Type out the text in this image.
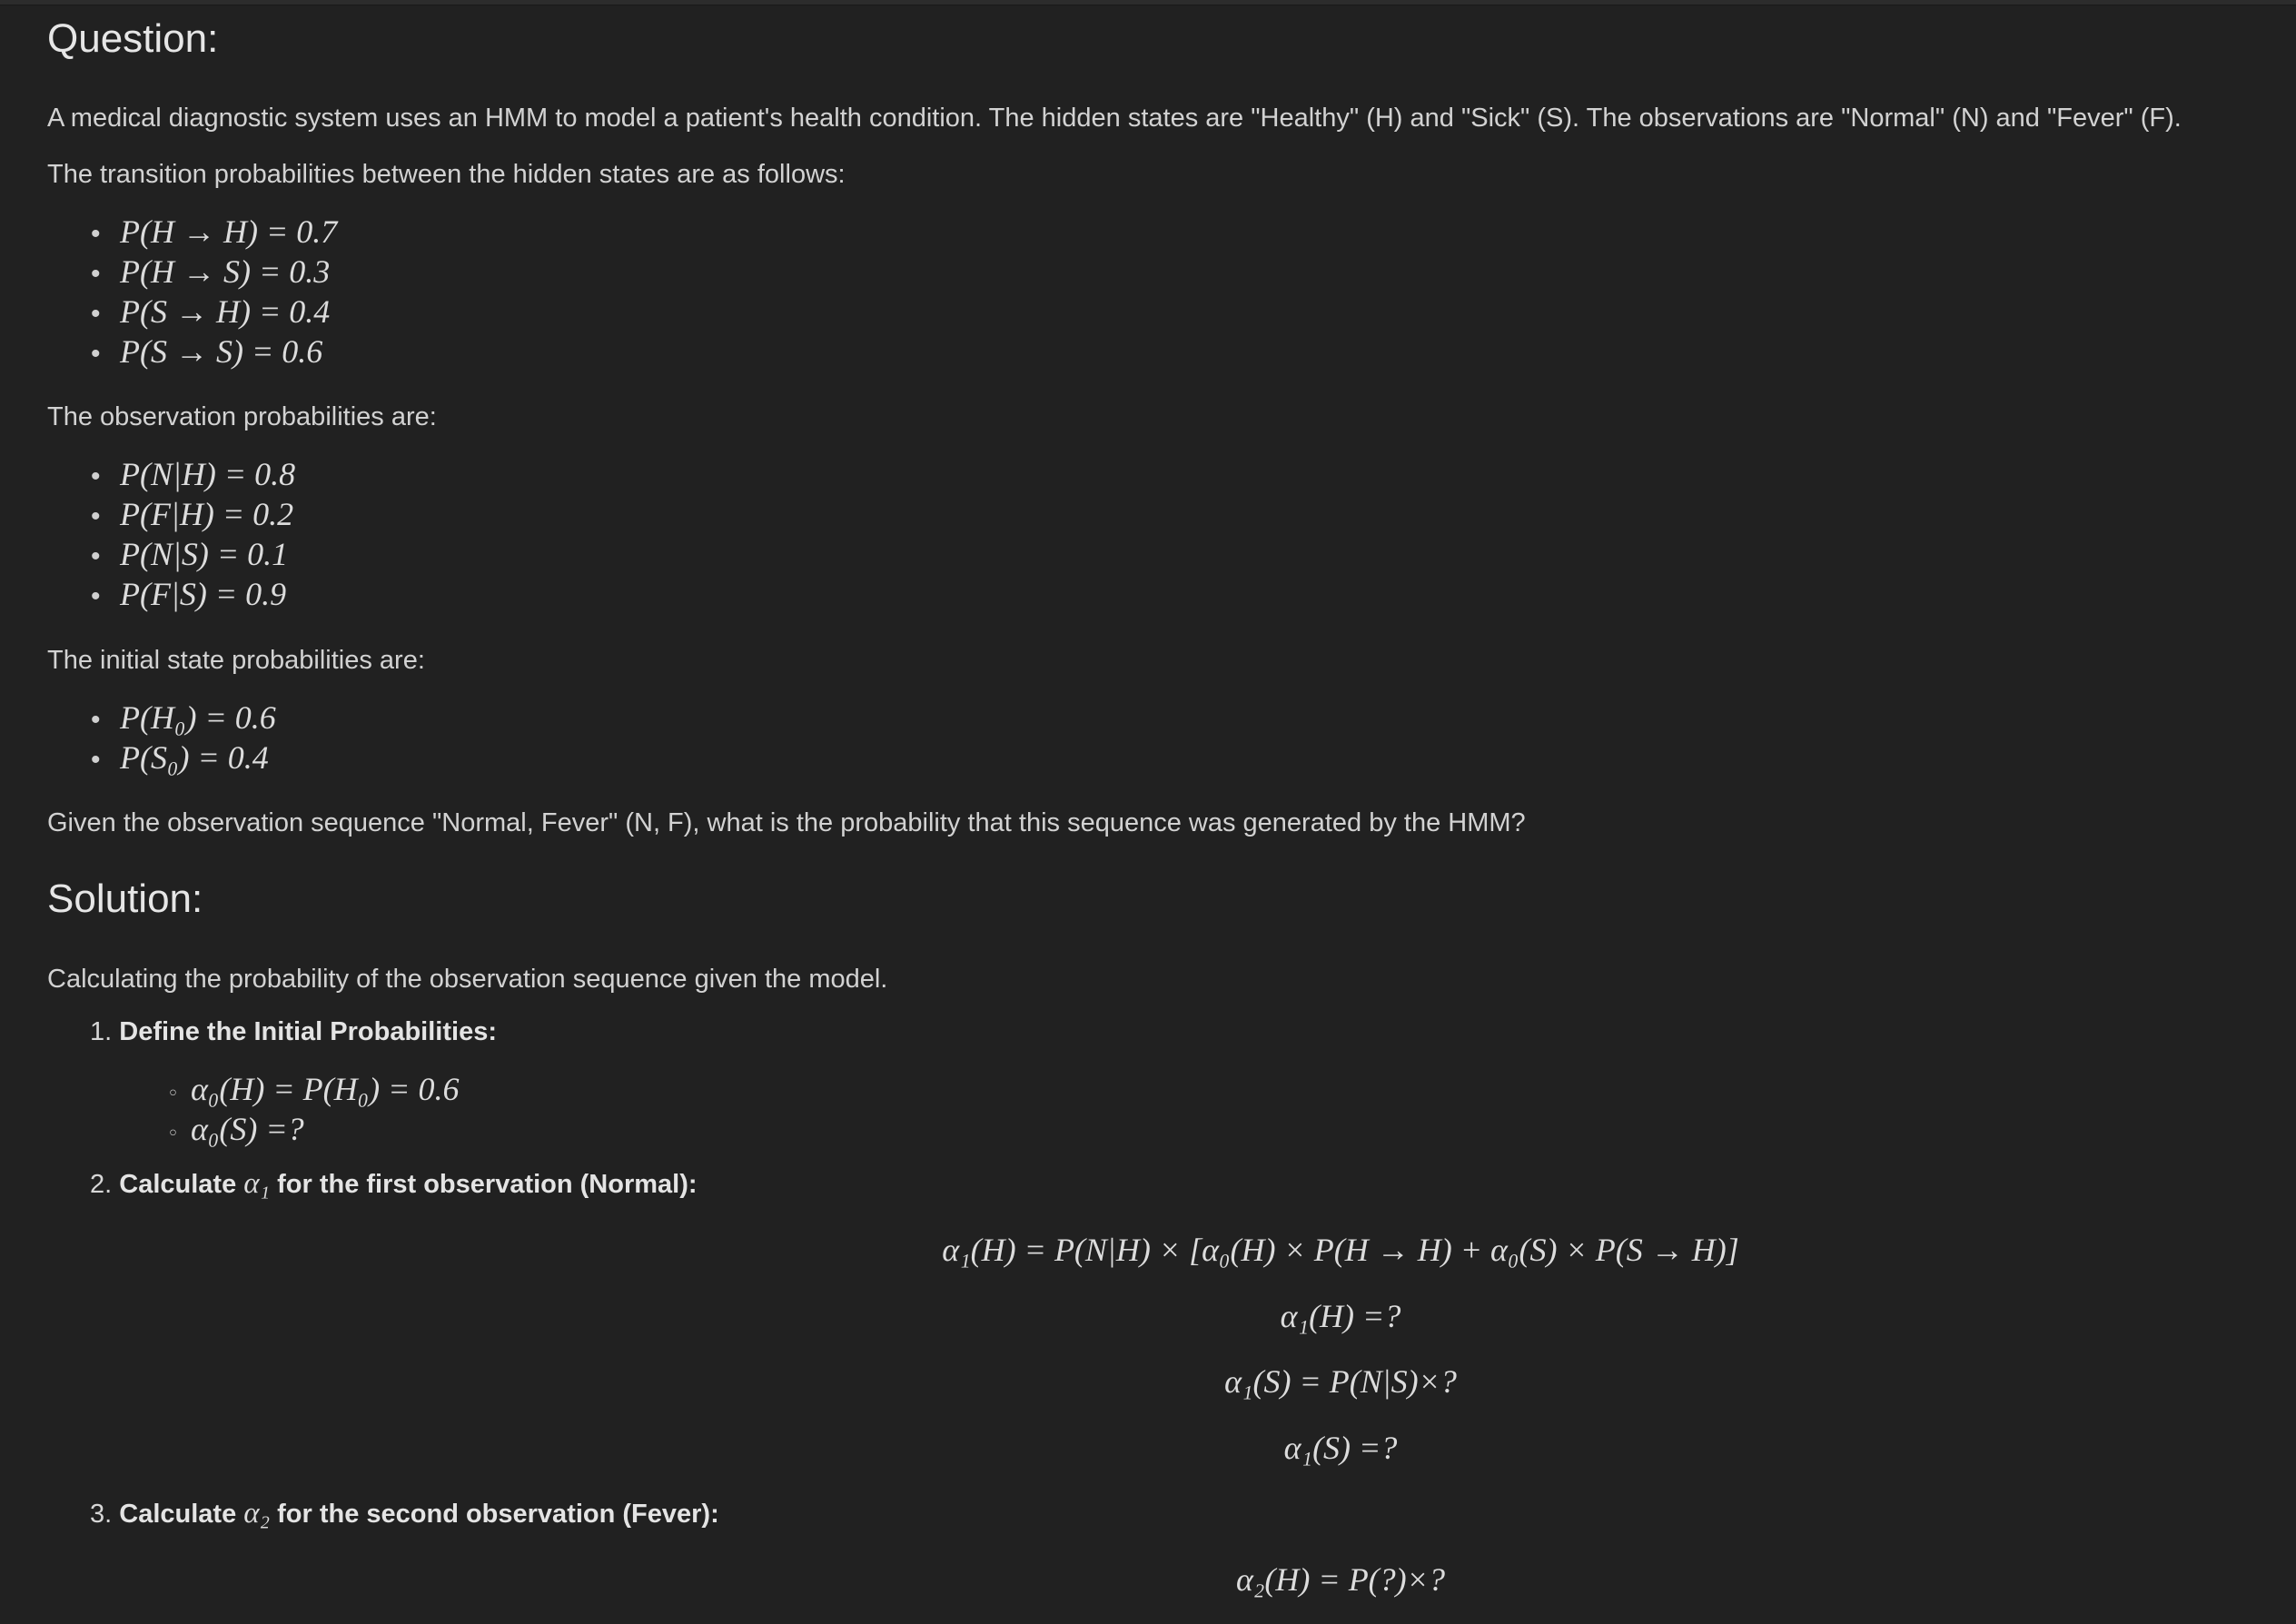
Question:

A medical diagnostic system uses an HMM to model a patient's health condition. The hidden states are "Healthy" (H) and "Sick" (S). The observations are "Normal" (N) and "Fever" (F).

The transition probabilities between the hidden states are as follows:

• P(H → H) = 0.7

• P(H → S) = 0.3

• P(S → H) = 0.4

• P(S → S) = 0.6

The observation probabilities are:

• P(N|H) = 0.8

• P(F|H) = 0.2

• P(N|S) = 0.1

• P(F|S) = 0.9

The initial state probabilities are:

• P(H₀) = 0.6

• P(S₀) = 0.4

Given the observation sequence "Normal, Fever" (N, F), what is the probability that this sequence was generated by the HMM?

Solution:

Calculating the probability of the observation sequence given the model.

1. Define the Initial Probabilities:

◦ α₀(H) = P(H₀) = 0.6

◦ α₀(S) =?

2. Calculate α₁ for the first observation (Normal):

α₁(H) = P(N|H) × [α₀(H) × P(H → H) + α₀(S) × P(S → H)]

α₁(H) =?

α₁(S) = P(N|S)×?

α₁(S) =?

3. Calculate α₂ for the second observation (Fever):

α₂(H) = P(?)×?
